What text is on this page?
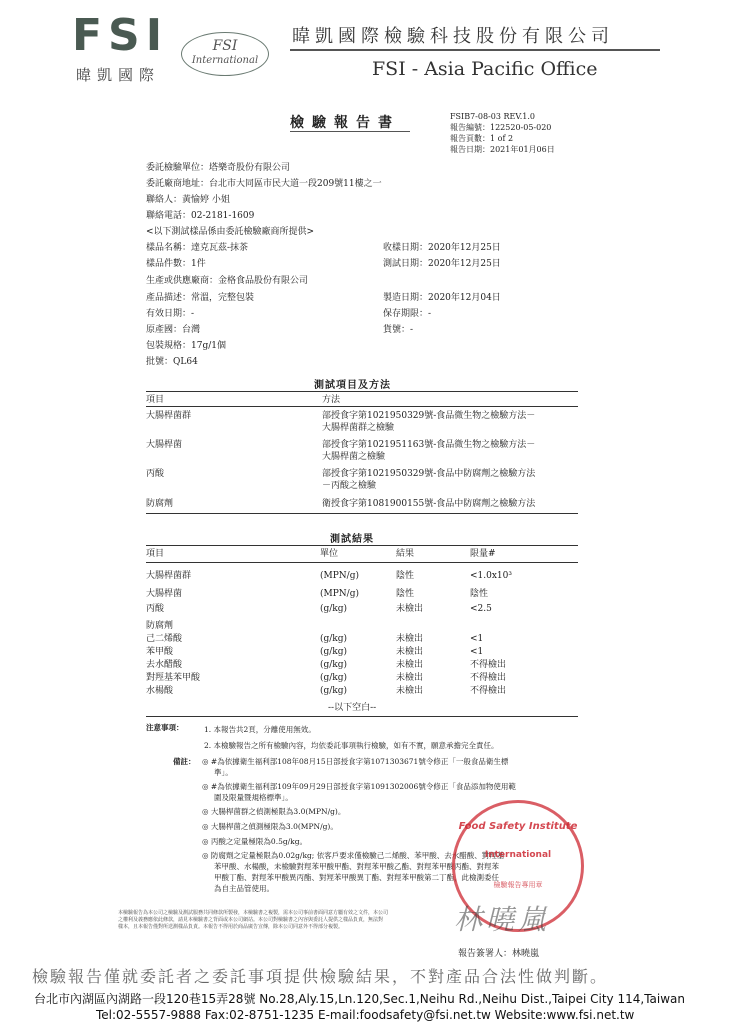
FSI
暐凱國際
FSI
International
暐凱國際檢驗科技股份有限公司
FSI - Asia Pacific Office
檢驗報告書	FSIB7-08-03 REV.1.0
報告編號：122520-05-020
報告頁數：1 of 2
報告日期：2021年01月06日
委託檢驗單位：塔樂奇股份有限公司
委託廠商地址：台北市大同區市民大道一段209號11樓之一
聯絡人：黃愉婷 小姐
聯絡電話：02-2181-1609
<以下測試樣品係由委託檢驗廠商所提供>
樣品名稱：達克瓦茲-抹茶	收樣日期：2020年12月25日
樣品件數：1件	測試日期：2020年12月25日
生產或供應廠商：金格食品股份有限公司
產品描述：常溫，完整包裝	製造日期：2020年12月04日
有效日期：-	保存期限：-
原產國：台灣	貨號：-
包裝規格：17g/1個
批號：QL64
測試項目及方法
項目	方法
大腸桿菌群	部授食字第1021950329號-食品微生物之檢驗方法－
大腸桿菌群之檢驗
大腸桿菌	部授食字第1021951163號-食品微生物之檢驗方法－
大腸桿菌之檢驗
丙酸	部授食字第1021950329號-食品中防腐劑之檢驗方法
－丙酸之檢驗
防腐劑	衛授食字第1081900155號-食品中防腐劑之檢驗方法
測試結果
項目	單位	結果	限量#
大腸桿菌群	(MPN/g)	陰性	<1.0x10³
大腸桿菌	(MPN/g)	陰性	陰性
丙酸	(g/kg)	未檢出	<2.5
防腐劑
己二烯酸	(g/kg)	未檢出	<1
苯甲酸	(g/kg)	未檢出	<1
去水醋酸	(g/kg)	未檢出	不得檢出
對羥基苯甲酸	(g/kg)	未檢出	不得檢出
水楊酸	(g/kg)	未檢出	不得檢出
--以下空白--
注意事項：	1. 本報告共2頁，分離使用無效。
2. 本檢驗報告之所有檢驗內容，均依委託事項執行檢驗，如有不實，願意承擔完全責任。
備註： ◎ #為依據衛生福利部108年08月15日部授食字第1071303671號令修正「一般食品衛生標
準」。
◎ #為依據衛生福利部109年09月29日部授食字第1091302006號令修正「食品添加物使用範
圍及限量暨規格標準」。
◎ 大腸桿菌群之偵測極限為3.0(MPN/g)。
◎ 大腸桿菌之偵測極限為3.0(MPN/g)。
◎ 丙酸之定量極限為0.5g/kg。
◎ 防腐劑之定量極限為0.02g/kg; 依客戶要求僅檢驗己二烯酸、苯甲酸、去水醋酸、對羥基
苯甲酸、水楊酸，未檢驗對羥苯甲酸甲酯、對羥苯甲酸乙酯、對羥苯甲酸丙酯、對羥苯
甲酸丁酯、對羥苯甲酸異丙酯、對羥苯甲酸異丁酯、對羥苯甲酸第二丁酯，此檢測委任
為自主品管使用。
本檢驗報告為本公司之檢驗及測試服務共同條款所製發，本檢驗書之複製，需本公司事前書面同意方屬有效之文件，本公司
之權利及義務應依此條款，請見本檢驗書之背面或本公司網站。本公司對檢驗書之內容與委託人提供之樣品負責，無法對
樣本，且本報告僅對所送測樣品負責。本報告不得用於商品廣告宣傳，除本公司同意外不得部分複製。
Food Safety Institute
International
檢驗報告專用章
林曉嵐
報告簽署人：林曉嵐
檢驗報告僅就委託者之委託事項提供檢驗結果，不對產品合法性做判斷。
台北市內湖區內湖路一段120巷15弄28號 No.28,Aly.15,Ln.120,Sec.1,Neihu Rd.,Neihu Dist.,Taipei City 114,Taiwan
Tel:02-5557-9888 Fax:02-8751-1235 E-mail:foodsafety@fsi.net.tw Website:www.fsi.net.tw
